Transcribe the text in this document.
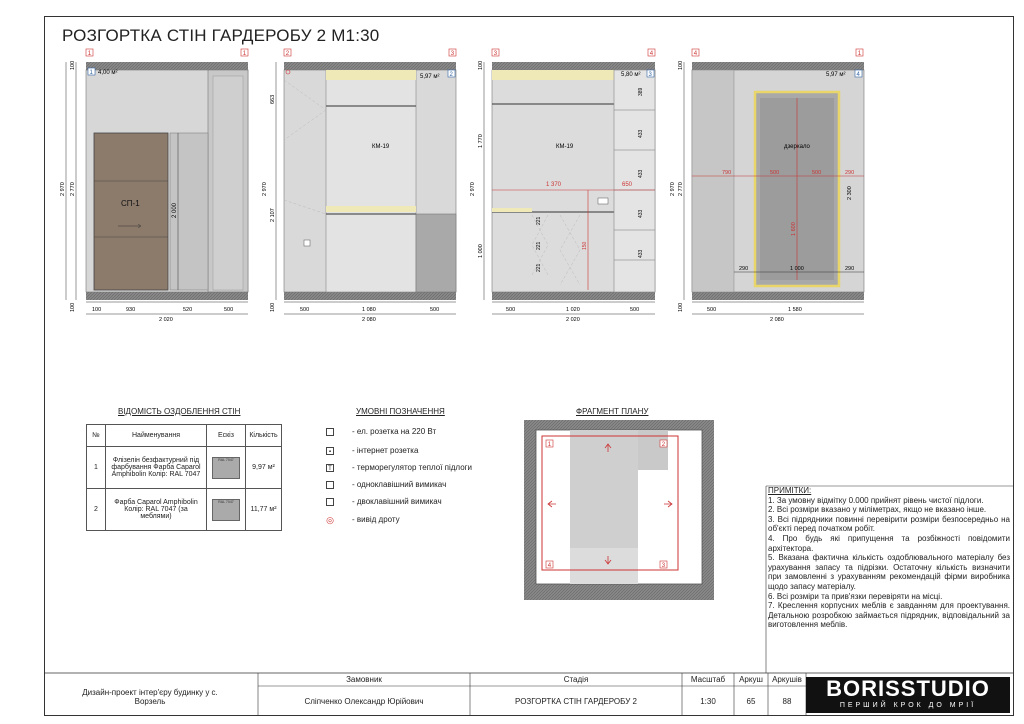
РОЗГОРТКА СТІН ГАРДЕРОБУ 2 М1:30
СП-1	2 000
1 4,00 м²
1	1
100
2 970 2 770
100	100	930	520	500
2 020
КМ-19
5,97 м² 2
2	3
663
2 970
2 107
100	500	1 080	500
2 080
1 370	650
КМ-19
5,80 м² 3
3	4
389
433
433
433
433
221
221
221
150
100
1 770
2 970
1 000
500	1 020	500
2 020
дзеркало
790	500	500	290
1 600
2 300
290	1 000	290
5,97 м² 4
4	1
100
2 970 2 770
100	500	1 580
2 080
ВІДОМІСТЬ ОЗДОБЛЕННЯ СТІН
№	Найменування	Ескіз	Кількість
1	Флізелін безфактурний під фарбування Фарба Caparol Amphibolin Колір: RAL 7047	RAL 7047	9,97 м²
2	Фарба Caparol Amphibolin Колір: RAL 7047 (за меблями)	RAL 7047	11,77 м²
УМОВНІ ПОЗНАЧЕННЯ
- ел. розетка на 220 Вт
▪	- інтернет розетка
T	- терморегулятор теплої підлоги
- одноклавішний вимикач
- двоклавішний вимикач
◎ - вивід дроту
ФРАГМЕНТ ПЛАНУ
1	2
3
4
ПРИМІТКИ:
1. За умовну відмітку 0.000 прийнят рівень чистої підлоги.
2. Всі розміри вказано у міліметрах, якщо не вказано інше.
3. Всі підрядники повинні перевірити розміри безпосередньо на об'єкті перед початком робіт.
4. Про будь які припущення та розбіжності повідомити архітектора.
5. Вказана фактична кількість оздоблювального матеріалу без урахування запасу та підрізки. Остаточну кількість визначити при замовленні з урахуванням рекомендацій фірми виробника щодо запасу матеріалу.
6. Всі розміри та прив'язки перевіряти на місці.
7. Креслення корпусних меблів є завданням для проектування. Детальною розробкою займається підрядник, відповідальний за виготовлення меблів.
Дизайн-проект інтер'єру будинку у с. Ворзель
Замовник
Сліпченко Олександр Юрійович
Стадія
РОЗГОРТКА СТІН ГАРДЕРОБУ 2
Масштаб
1:30
Аркуш
65
Аркушів
88	BORISSTUDIO
ПЕРШИЙ КРОК ДО МРІЇ
